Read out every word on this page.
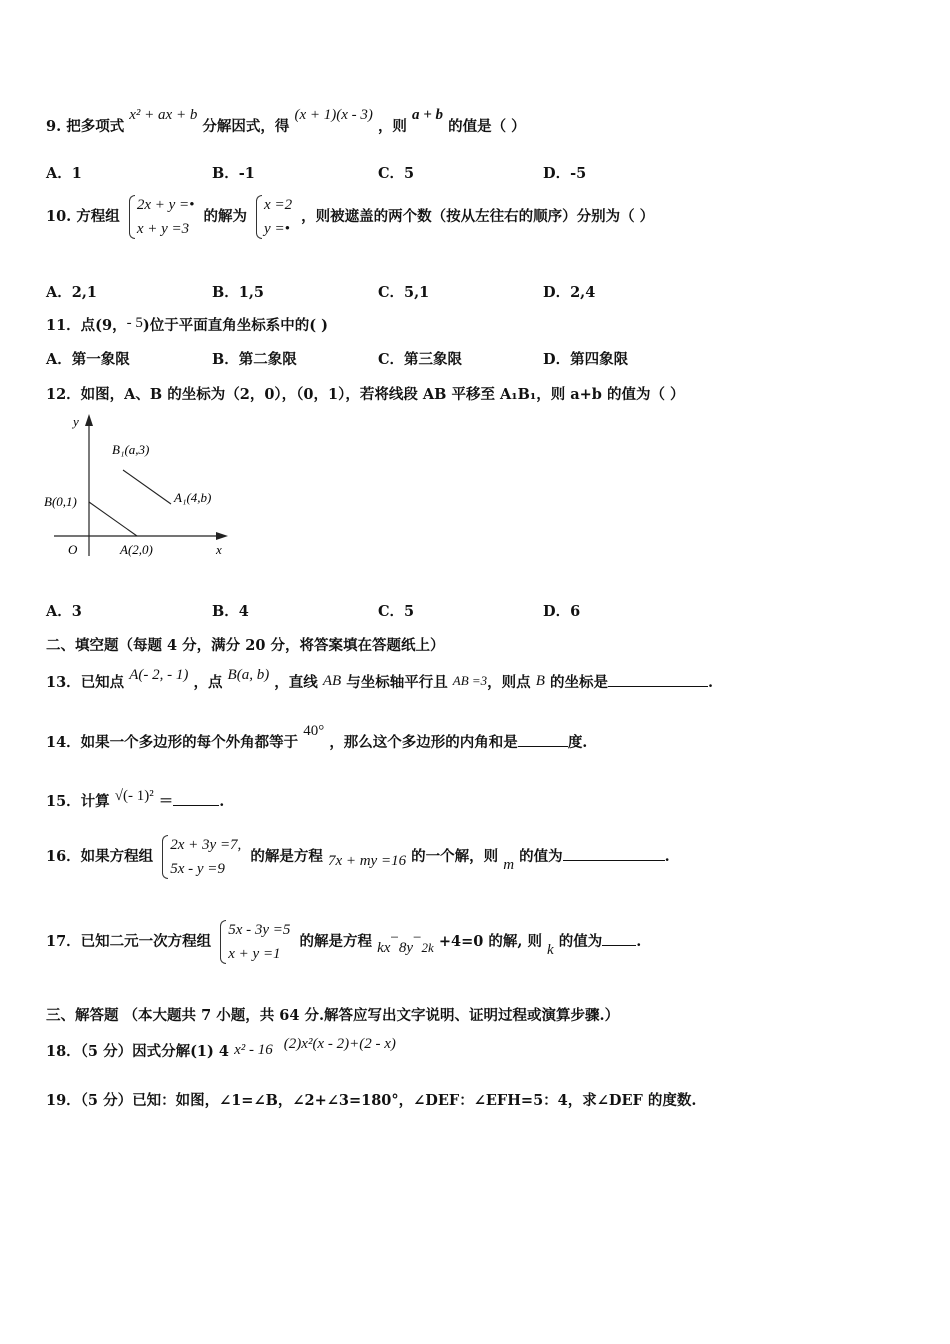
9. 把多项式 x² + ax + b 分解因式，得 (x + 1)(x - 3) ，则 a + b 的值是（ ）
A．1	B．-1	C．5	D．-5
10. 方程组
2x + y =•
x + y =3
的解为
x =2
y =•
，则被遮盖的两个数（按从左往右的顺序）分别为（ ）
A．2,1	B．1,5	C．5,1	D．2,4
11．点(9，- 5)位于平面直角坐标系中的( )
A．第一象限	B．第二象限	C．第三象限	D．第四象限
12．如图，A、B 的坐标为（2，0），（0，1），若将线段 AB 平移至 A₁B₁，则 a+b 的值为（ ）
y
x
O
B(0,1)
A(2,0)
B₁(a,3)
A₁(4,b)
A．3	B．4	C．5	D．6
二、填空题（每题 4 分，满分 20 分，将答案填在答题纸上）
13．已知点 A(- 2, - 1) ，点 B(a, b) ，直线 AB 与坐标轴平行且 AB =3，则点 B 的坐标是	.
14．如果一个多边形的每个外角都等于 40° ，那么这个多边形的内角和是	度.
15．计算 √(- 1)² ＝	.
16．如果方程组
2x + 3y =7,
5x - y =9
的解是方程 7x + my =16 的一个解，则 m 的值为	.
17．已知二元一次方程组
5x - 3y =5
x + y =1
的解是方程 kx−8y−2k +4=0 的解, 则 k 的值为 .
三、解答题 （本大题共 7 小题，共 64 分.解答应写出文字说明、证明过程或演算步骤.）
18．（5 分）因式分解(1) 4 x² - 16 (2)x²(x - 2)+(2 - x)
19．（5 分）已知：如图，∠1=∠B，∠2+∠3=180°，∠DEF：∠EFH=5：4，求∠DEF 的度数.
